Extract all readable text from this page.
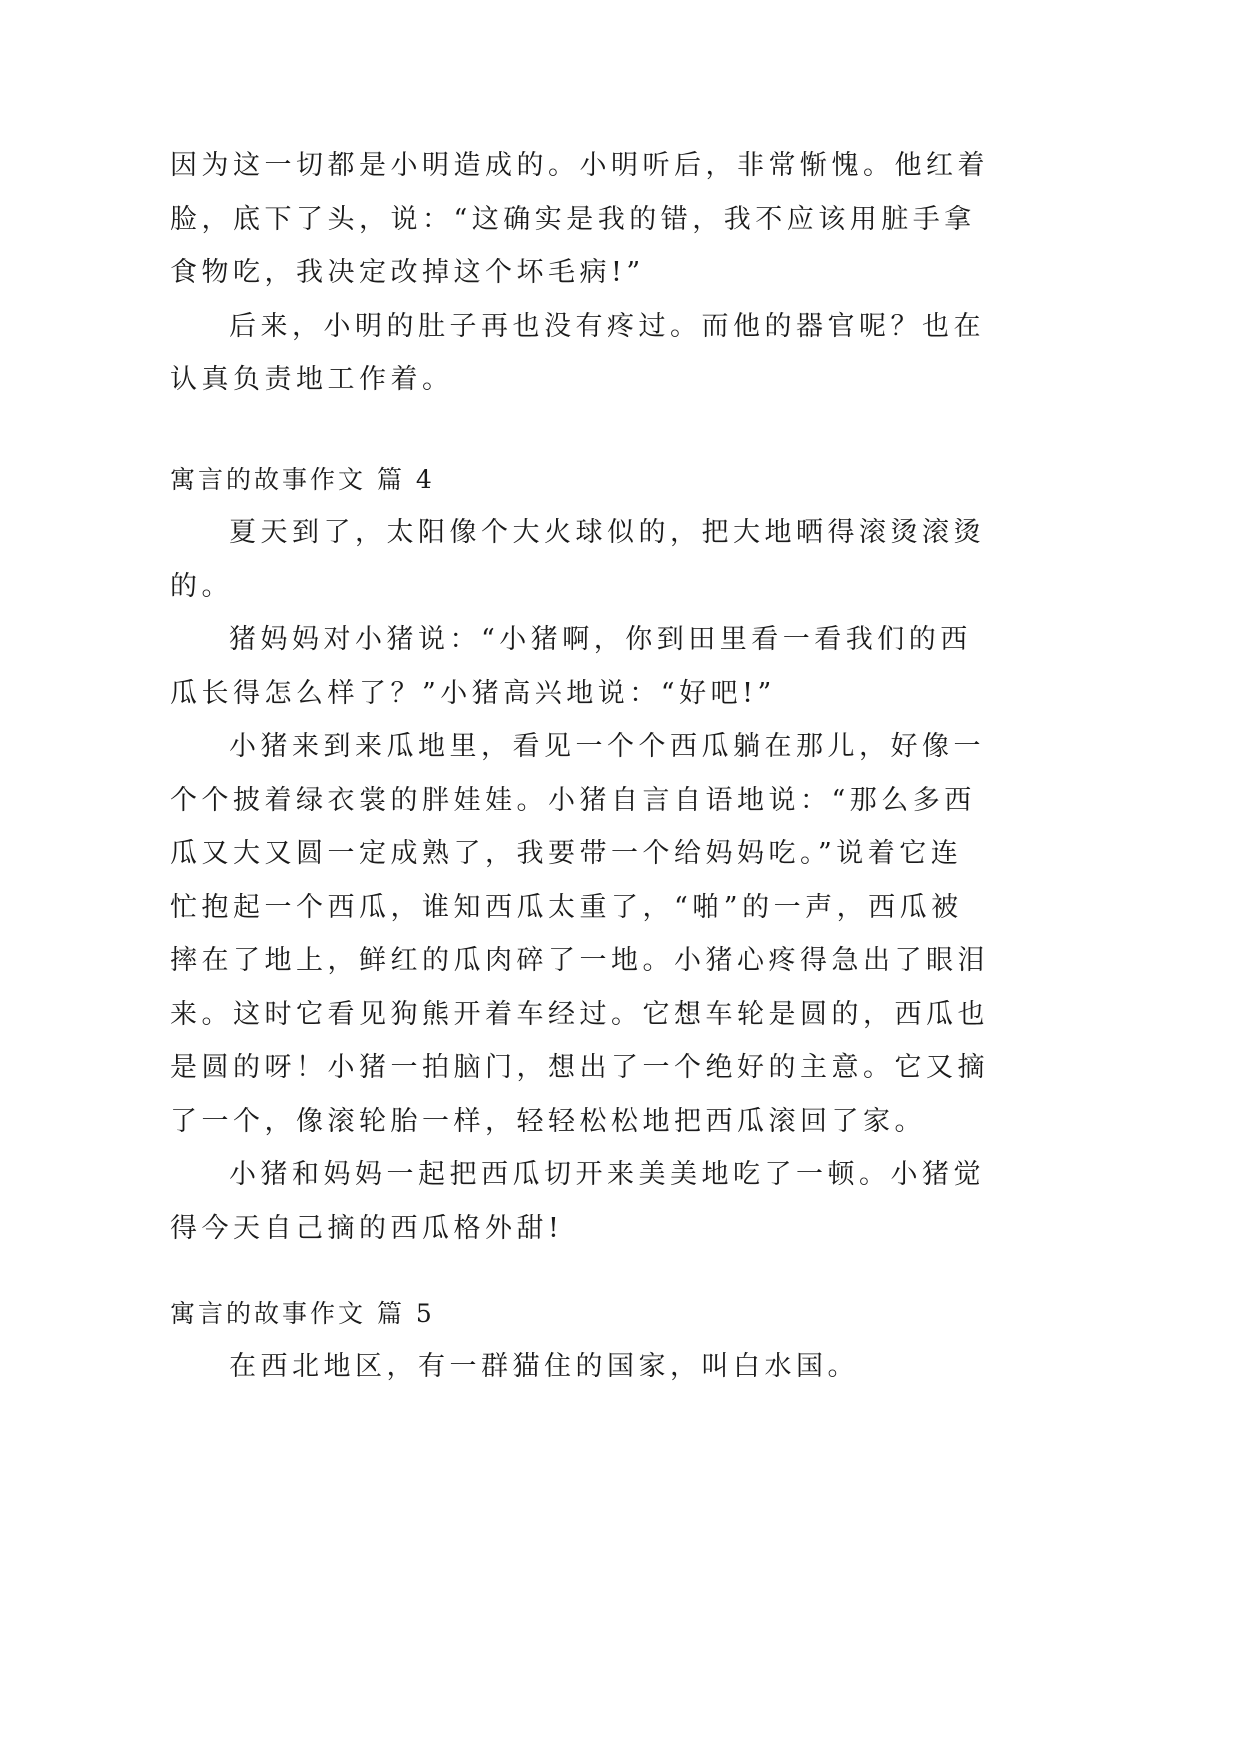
因为这一切都是小明造成的。小明听后，非常惭愧。他红着
脸，底下了头，说：“这确实是我的错，我不应该用脏手拿
食物吃，我决定改掉这个坏毛病!”
后来，小明的肚子再也没有疼过。而他的器官呢？也在
认真负责地工作着。
寓言的故事作文 篇 4
夏天到了，太阳像个大火球似的，把大地晒得滚烫滚烫
的。
猪妈妈对小猪说：“小猪啊，你到田里看一看我们的西
瓜长得怎么样了？”小猪高兴地说：“好吧!”
小猪来到来瓜地里，看见一个个西瓜躺在那儿，好像一
个个披着绿衣裳的胖娃娃。小猪自言自语地说：“那么多西
瓜又大又圆一定成熟了，我要带一个给妈妈吃。”说着它连
忙抱起一个西瓜，谁知西瓜太重了，“啪”的一声，西瓜被
摔在了地上，鲜红的瓜肉碎了一地。小猪心疼得急出了眼泪
来。这时它看见狗熊开着车经过。它想车轮是圆的，西瓜也
是圆的呀！小猪一拍脑门，想出了一个绝好的主意。它又摘
了一个，像滚轮胎一样，轻轻松松地把西瓜滚回了家。
小猪和妈妈一起把西瓜切开来美美地吃了一顿。小猪觉
得今天自己摘的西瓜格外甜!
寓言的故事作文 篇 5
在西北地区，有一群猫住的国家，叫白水国。
